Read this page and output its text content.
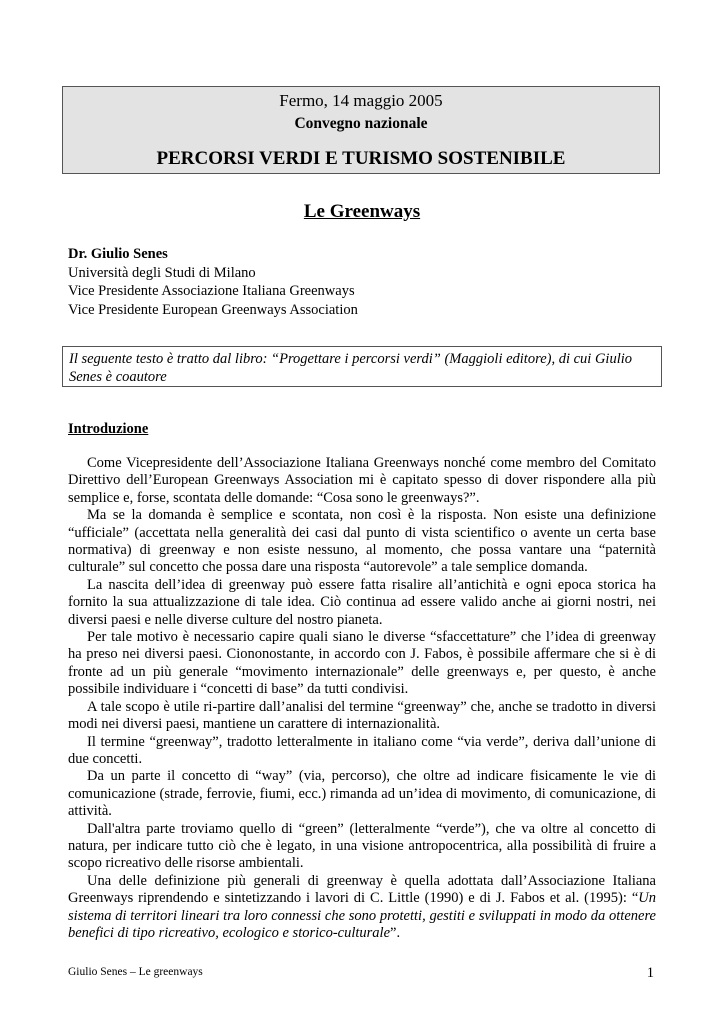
Fermo, 14 maggio 2005
Convegno nazionale
PERCORSI VERDI E TURISMO SOSTENIBILE
Le Greenways
Dr. Giulio Senes
Università degli Studi di Milano
Vice Presidente Associazione Italiana Greenways
Vice Presidente European Greenways Association
Il seguente testo è tratto dal libro: “Progettare i percorsi verdi” (Maggioli editore), di cui Giulio Senes è coautore
Introduzione

Come Vicepresidente dell’Associazione Italiana Greenways nonché come membro del Comitato Direttivo dell’European Greenways Association mi è capitato spesso di dover rispondere alla più semplice e, forse, scontata delle domande: “Cosa sono le greenways?”.

Ma se la domanda è semplice e scontata, non così è la risposta. Non esiste una definizione “ufficiale” (accettata nella generalità dei casi dal punto di vista scientifico o avente un certa base normativa) di greenway e non esiste nessuno, al momento, che possa vantare una “paternità culturale” sul concetto che possa dare una risposta “autorevole” a tale semplice domanda.

La nascita dell’idea di greenway può essere fatta risalire all’antichità e ogni epoca storica ha fornito la sua attualizzazione di tale idea. Ciò continua ad essere valido anche ai giorni nostri, nei diversi paesi e nelle diverse culture del nostro pianeta.

Per tale motivo è necessario capire quali siano le diverse “sfaccettature” che l’idea di greenway ha preso nei diversi paesi. Ciononostante, in accordo con J. Fabos, è possibile affermare che si è di fronte ad un più generale “movimento internazionale” delle greenways e, per questo, è anche possibile individuare i “concetti di base” da tutti condivisi.

A tale scopo è utile ri-partire dall’analisi del termine “greenway” che, anche se tradotto in diversi modi nei diversi paesi, mantiene un carattere di internazionalità.

Il termine “greenway”, tradotto letteralmente in italiano come “via verde”, deriva dall’unione di due concetti.

Da un parte il concetto di “way” (via, percorso), che oltre ad indicare fisicamente le vie di comunicazione (strade, ferrovie, fiumi, ecc.) rimanda ad un’idea di movimento, di comunicazione, di attività.

Dall'altra parte troviamo quello di “green” (letteralmente “verde”), che va oltre al concetto di natura, per indicare tutto ciò che è legato, in una visione antropocentrica, alla possibilità di fruire a scopo ricreativo delle risorse ambientali.

Una delle definizione più generali di greenway è quella adottata dall’Associazione Italiana Greenways riprendendo e sintetizzando i lavori di C. Little (1990) e di J. Fabos et al. (1995): “Un sistema di territori lineari tra loro connessi che sono protetti, gestiti e sviluppati in modo da ottenere benefici di tipo ricreativo, ecologico e storico-culturale”.

Giulio Senes – Le greenways	1
